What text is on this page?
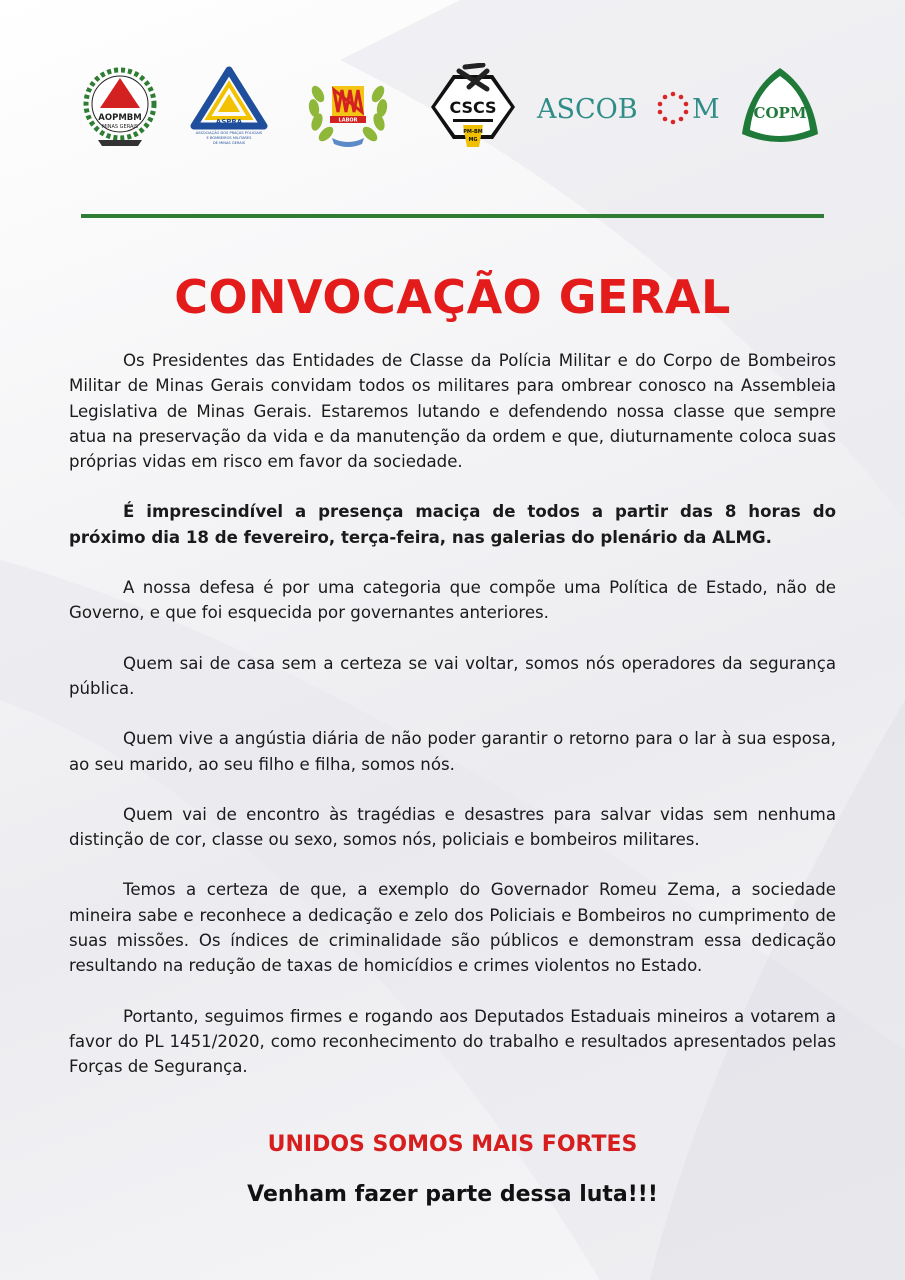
AOPMBM
MINAS GERAIS
ASPRA
ASSOCIAÇÃO DOS PRAÇAS POLICIAIS
E BOMBEIROS MILITARES
DE MINAS GERAIS
LABOR
CSCS
PM-BM
MG
ASCOB M COPM
CONVOCAÇÃO GERAL

Os Presidentes das Entidades de Classe da Polícia Militar e do Corpo de Bombeiros Militar de Minas Gerais convidam todos os militares para ombrear conosco na Assembleia Legislativa de Minas Gerais. Estaremos lutando e defendendo nossa classe que sempre atua na preservação da vida e da manutenção da ordem e que, diuturnamente coloca suas próprias vidas em risco em favor da sociedade.

É imprescindível a presença maciça de todos a partir das 8 horas do próximo dia 18 de fevereiro, terça-feira, nas galerias do plenário da ALMG.

A nossa defesa é por uma categoria que compõe uma Política de Estado, não de Governo, e que foi esquecida por governantes anteriores.

Quem sai de casa sem a certeza se vai voltar, somos nós operadores da segurança pública.

Quem vive a angústia diária de não poder garantir o retorno para o lar à sua esposa, ao seu marido, ao seu filho e filha, somos nós.

Quem vai de encontro às tragédias e desastres para salvar vidas sem nenhuma distinção de cor, classe ou sexo, somos nós, policiais e bombeiros militares.

Temos a certeza de que, a exemplo do Governador Romeu Zema, a sociedade mineira sabe e reconhece a dedicação e zelo dos Policiais e Bombeiros no cumprimento de suas missões. Os índices de criminalidade são públicos e demonstram essa dedicação resultando na redução de taxas de homicídios e crimes violentos no Estado.

Portanto, seguimos firmes e rogando aos Deputados Estaduais mineiros a votarem a favor do PL 1451/2020, como reconhecimento do trabalho e resultados apresentados pelas Forças de Segurança.

UNIDOS SOMOS MAIS FORTES
Venham fazer parte dessa luta!!!
